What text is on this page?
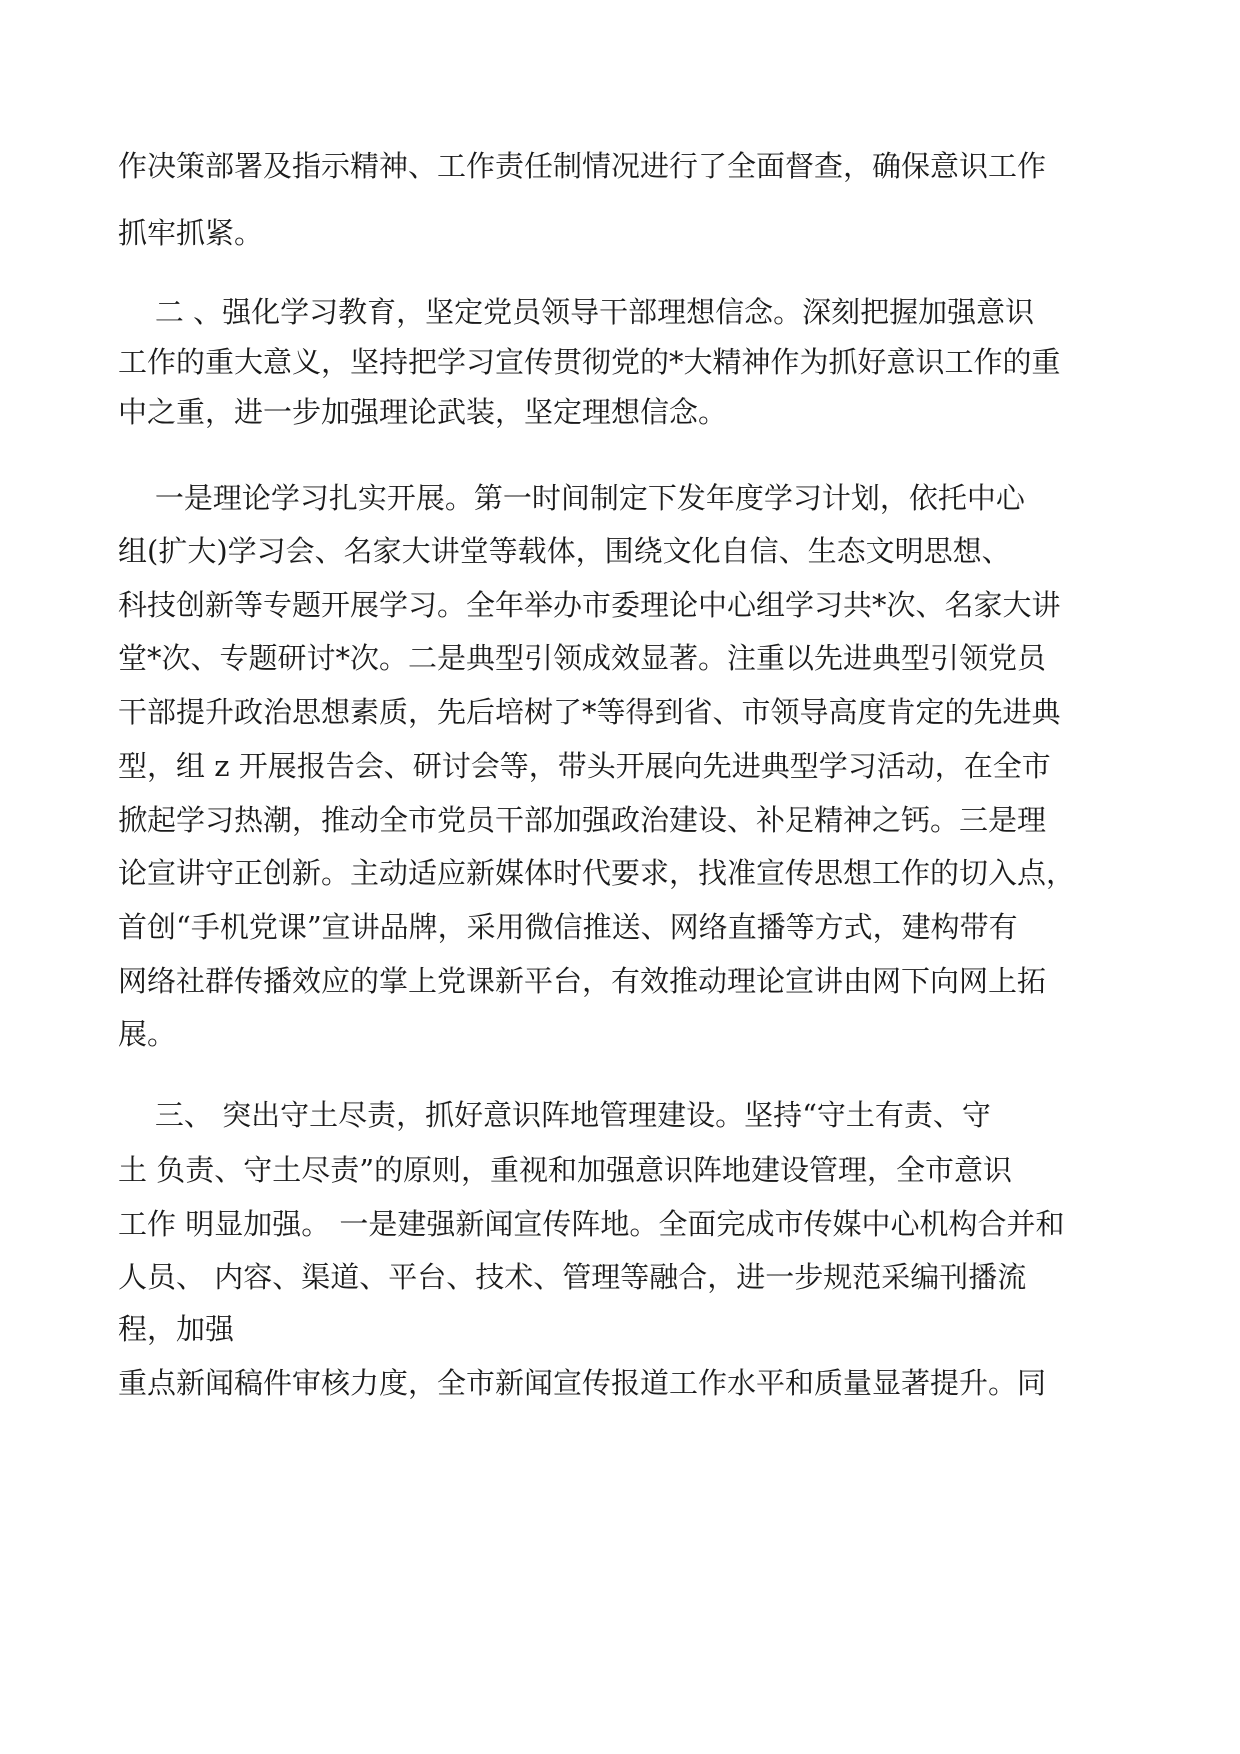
作决策部署及指示精神、工作责任制情况进行了全面督查，确保意识工作
抓牢抓紧。
二 、强化学习教育，坚定党员领导干部理想信念。深刻把握加强意识
工作的重大意义，坚持把学习宣传贯彻党的*大精神作为抓好意识工作的重
中之重，进一步加强理论武装，坚定理想信念。
一是理论学习扎实开展。第一时间制定下发年度学习计划，依托中心
组(扩大)学习会、名家大讲堂等载体，围绕文化自信、生态文明思想、
科技创新等专题开展学习。全年举办市委理论中心组学习共*次、名家大讲
堂*次、专题研讨*次。二是典型引领成效显著。注重以先进典型引领党员
干部提升政治思想素质，先后培树了*等得到省、市领导高度肯定的先进典
型，组 z 开展报告会、研讨会等，带头开展向先进典型学习活动，在全市
掀起学习热潮，推动全市党员干部加强政治建设、补足精神之钙。三是理
论宣讲守正创新。主动适应新媒体时代要求，找准宣传思想工作的切入点，
首创“手机党课”宣讲品牌，采用微信推送、网络直播等方式，建构带有
网络社群传播效应的掌上党课新平台，有效推动理论宣讲由网下向网上拓
展。
三、 突出守土尽责，抓好意识阵地管理建设。坚持“守土有责、守
土 负责、守土尽责”的原则，重视和加强意识阵地建设管理，全市意识
工作 明显加强。 一是建强新闻宣传阵地。全面完成市传媒中心机构合并和
人员、 内容、渠道、平台、技术、管理等融合，进一步规范采编刊播流
程，加强
重点新闻稿件审核力度，全市新闻宣传报道工作水平和质量显著提升。同
